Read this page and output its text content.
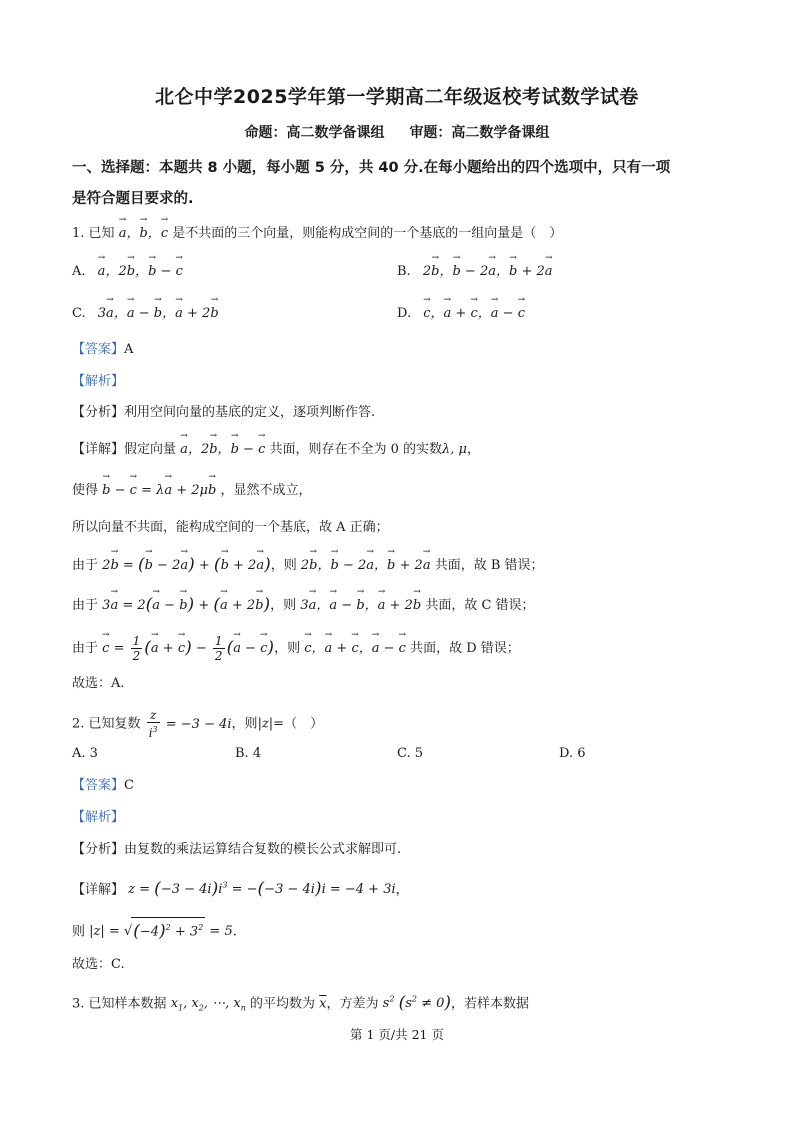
北仑中学2025学年第一学期高二年级返校考试数学试卷
命题：高二数学备课组 审题：高二数学备课组
一、选择题：本题共 8 小题，每小题 5 分，共 40 分.在每小题给出的四个选项中，只有一项
是符合题目要求的.
1. 已知 → a，→ b，→ c 是不共面的三个向量，则能构成空间的一个基底的一组向量是（　）
A. → a，2→ b，→ b − → c	B. 2→ b，→ b − 2→ a，→ b + 2→ a
C. 3→ a，→ a − → b，→ a + 2→ b	D. → c，→ a + → c，→ a − → c
【答案】A
【解析】
【分析】利用空间向量的基底的定义，逐项判断作答.
【详解】假定向量 → a，2→ b，→ b − → c 共面，则存在不全为 0 的实数λ, μ，
使得 → b − → c = λ→ a + 2μ→ b ，显然不成立，
所以向量不共面，能构成空间的一个基底，故 A 正确；
由于 2→ b = (→ b − 2→ a) + (→ b + 2→ a)，则 2→ b，→ b − 2→ a，→ b + 2→ a 共面，故 B 错误；
由于 3→ a = 2(→ a − → b) + (→ a + 2→ b)，则 3→ a，→ a − → b，→ a + 2→ b 共面，故 C 错误；
由于 → $c = \frac{1}{2}$ (→ a + → $c) - \frac{1}{2}$ (→ a − → c)，则 → c，→ a + → c，→ a − → c 共面，故 D 错误；
故选：A.
2. 已知复数 $\frac{z}{i^3} = -3 - 4i$，则|z|=（　）
A. 3	B. 4	C. 5	D. 6
【答案】C
【解析】
【分析】由复数的乘法运算结合复数的模长公式求解即可.
【详解】 $z = (-3 - 4i)i^3 = -(-3 - 4i)i = -4 + 3i$，
则 $|z| = √(-4)^2 + 3^2 = 5$.
故选：C.
3. 已知样本数据 $x_1$, $x_2$, ⋯, $x_n$ 的平均数为 $\overline{x}$，方差为 $s^2$ $(s^2 \ne 0)$，若样本数据
第 1 页/共 21 页
